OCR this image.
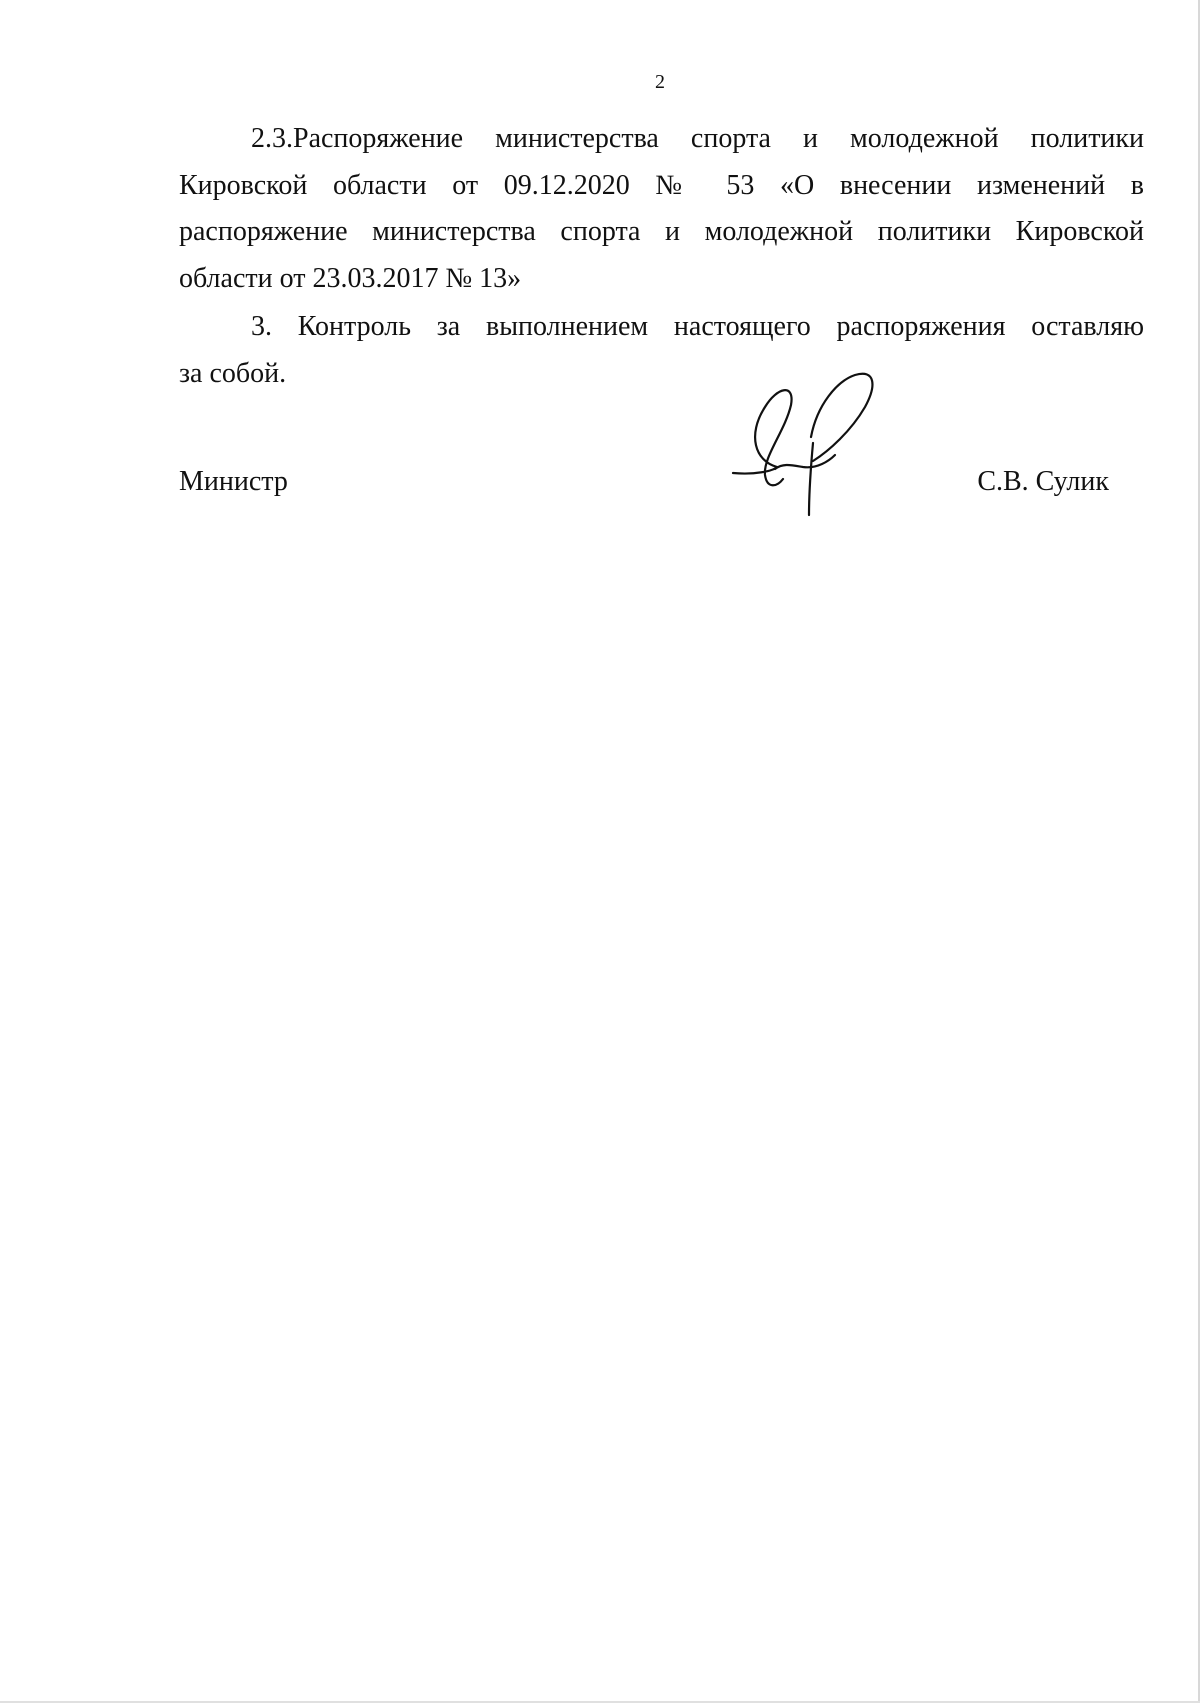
2

2.3.Распоряжение министерства спорта и молодежной политики
Кировской области от 09.12.2020 № 53 «О внесении изменений в
распоряжение министерства спорта и молодежной политики Кировской
области от 23.03.2017 № 13»

3. Контроль за выполнением настоящего распоряжения оставляю
за собой.

Министр	С.В. Сулик
